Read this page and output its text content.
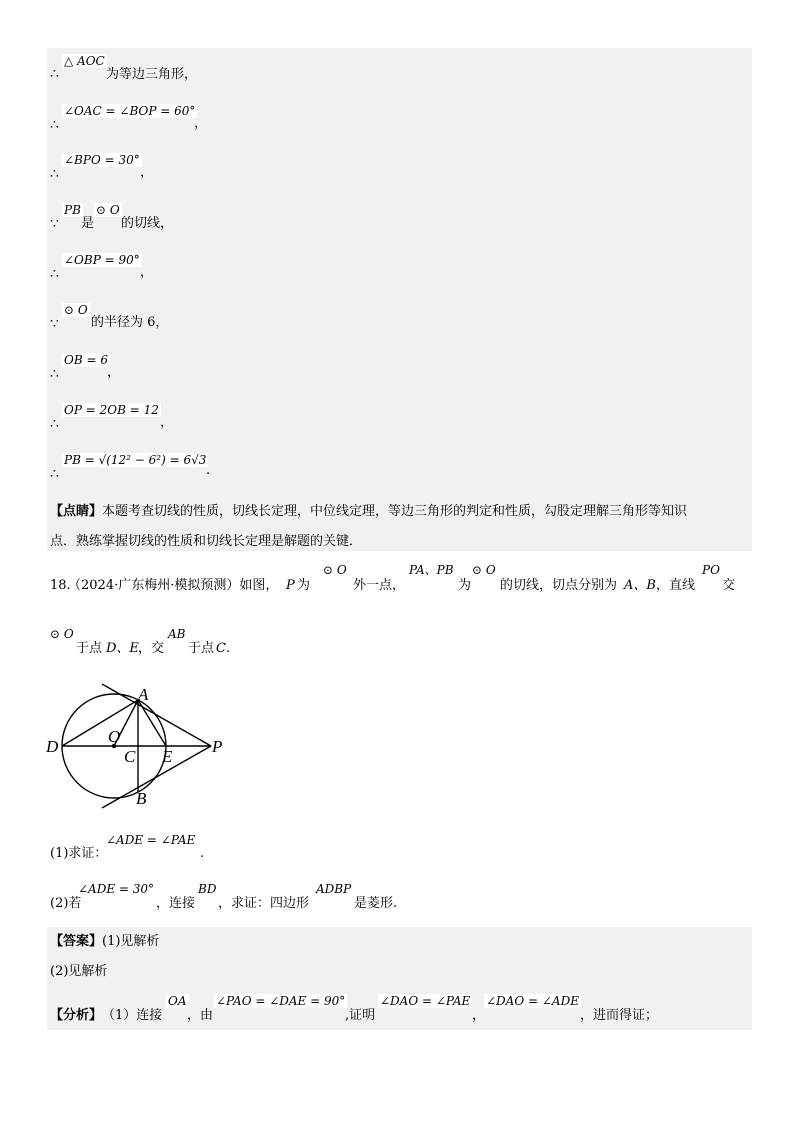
△ AOC
∴	为等边三角形，
∠OAC = ∠BOP = 60°
∴	，
∠BPO = 30°
∴	，
PB
∵ 是
⊙ O
的切线，
∠OBP = 90°
∴	，
⊙ O
∵ 的半径为 6，
OB = 6
∴	，
OP = 2OB = 12
∴	，
PB = √(12² − 6²) = 6√3
∴	.
【点睛】 本题考查切线的性质，切线长定理，中位线定理，等边三角形的判定和性质，勾股定理解三角形等知识
点．熟练掌握切线的性质和切线长定理是解题的关键．
18.
（2024·广东梅州·模拟预测）如图， P 为
⊙ O
外一点，
PA、PB
为
⊙ O
的切线，切点分别为 A、B ，直线
PO
交
⊙ O
于点 D、E ，交
AB
于点 C .
A
B
C
D
E
O
P
(1)求证：
∠ADE = ∠PAE
.
(2)若
∠ADE = 30°
，连接
BD
，求证：四边形
ADBP
是菱形.
【答案】 (1)见解析
(2)见解析
【分析】 （1）连接
OA
，由
∠PAO = ∠DAE = 90°
,证明
∠DAO = ∠PAE
，
∠DAO = ∠ADE
，进而得证；
